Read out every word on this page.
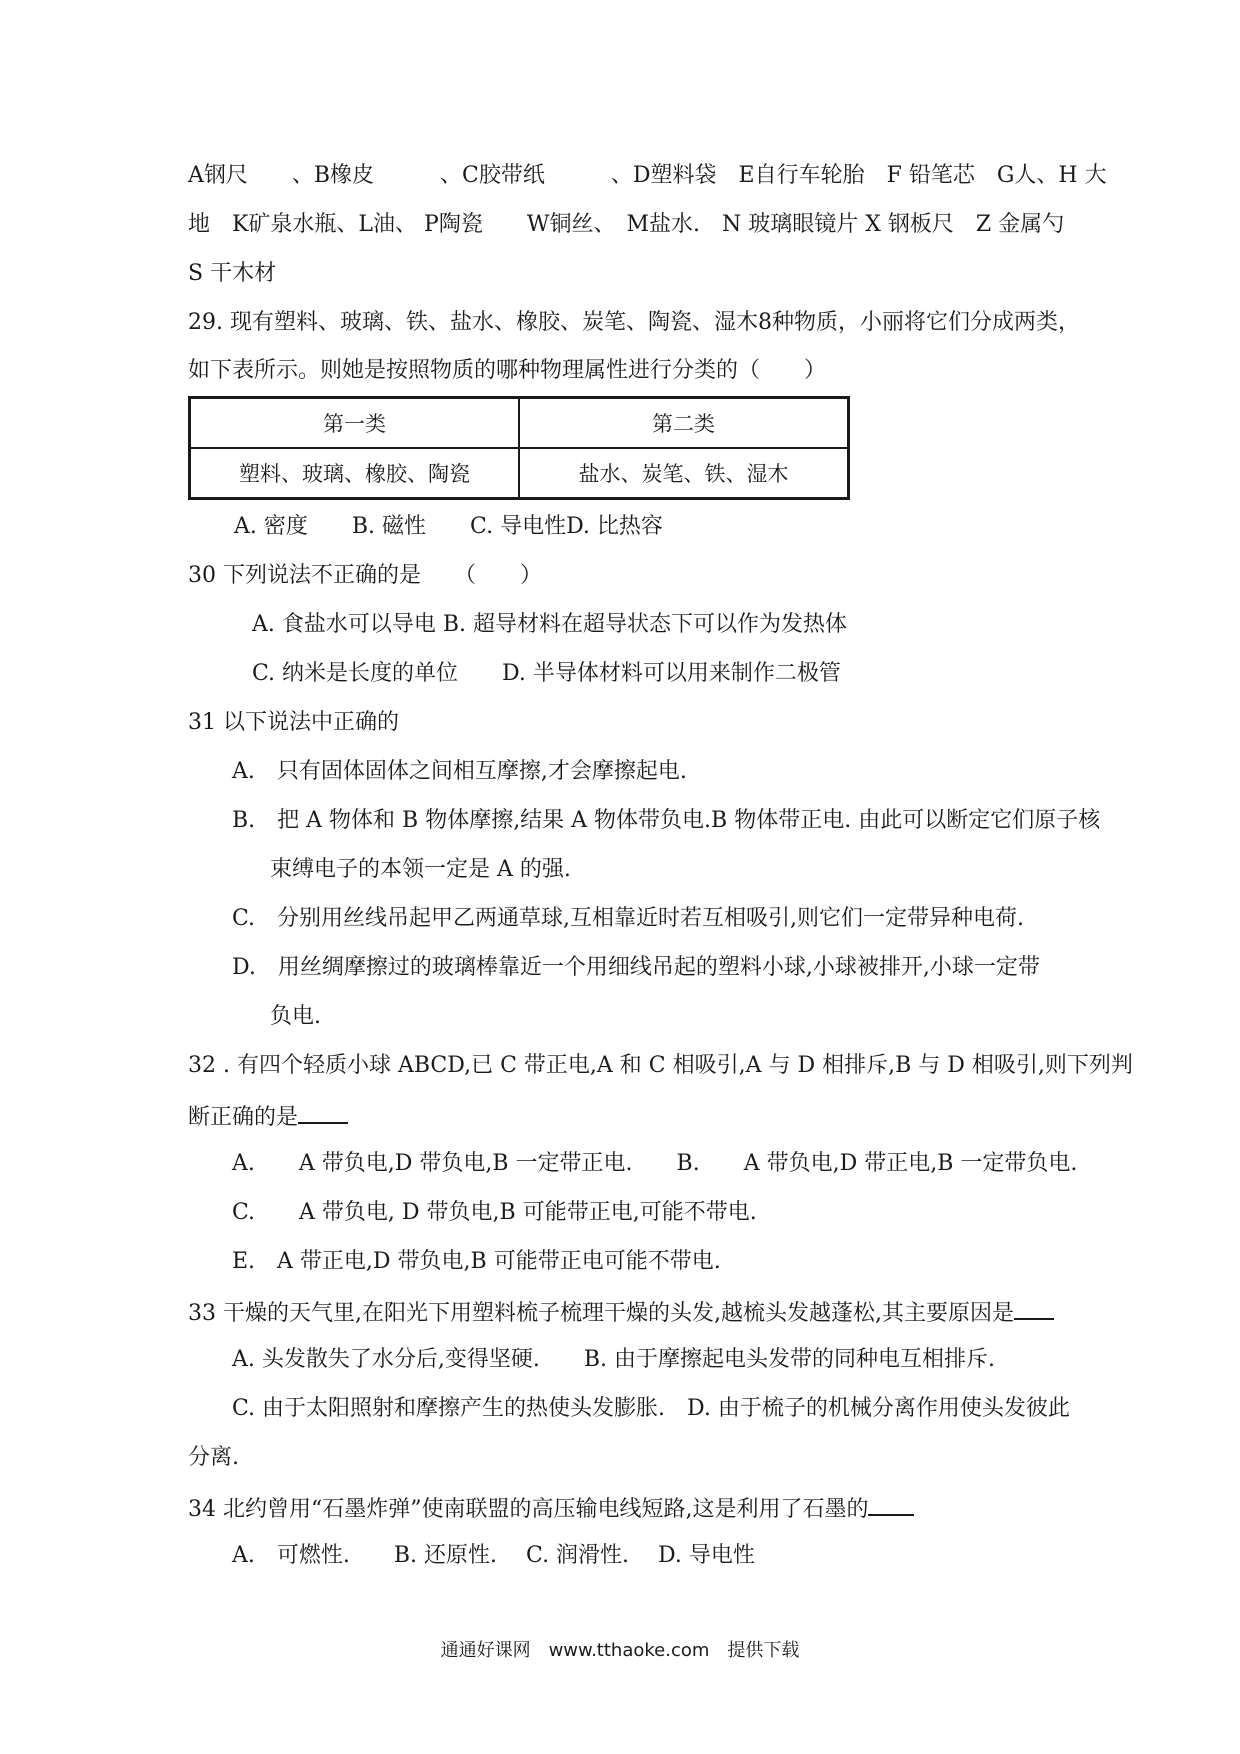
A钢尺　　、B橡皮　　　、C胶带纸　　　、D塑料袋　E自行车轮胎　F 铅笔芯　G人、H 大
地　K矿泉水瓶、L油、 P陶瓷　　W铜丝、　M盐水.　N 玻璃眼镜片 X 钢板尺　Z 金属勺
S 干木材
29. 现有塑料、玻璃、铁、盐水、橡胶、炭笔、陶瓷、湿木8种物质，小丽将它们分成两类，
如下表所示。则她是按照物质的哪种物理属性进行分类的（　　）
第一类	第二类
塑料、玻璃、橡胶、陶瓷	盐水、炭笔、铁、湿木
A. 密度　　B. 磁性　　C. 导电性D. 比热容
30 下列说法不正确的是　　（　　）
A. 食盐水可以导电 B. 超导材料在超导状态下可以作为发热体
C. 纳米是长度的单位　　D. 半导体材料可以用来制作二极管
31 以下说法中正确的
A.　只有固体固体之间相互摩擦,才会摩擦起电.
B.　把 A 物体和 B 物体摩擦,结果 A 物体带负电.B 物体带正电. 由此可以断定它们原子核
束缚电子的本领一定是 A 的强.
C.　分别用丝线吊起甲乙两通草球,互相靠近时若互相吸引,则它们一定带异种电荷.
D.　用丝绸摩擦过的玻璃棒靠近一个用细线吊起的塑料小球,小球被排开,小球一定带
负电.
32 . 有四个轻质小球 ABCD,已 C 带正电,A 和 C 相吸引,A 与 D 相排斥,B 与 D 相吸引,则下列判
断正确的是
A.　　A 带负电,D 带负电,B 一定带正电.　　B.　　A 带负电,D 带正电,B 一定带负电.
C.　　A 带负电, D 带负电,B 可能带正电,可能不带电.
E.　A 带正电,D 带负电,B 可能带正电可能不带电.
33 干燥的天气里,在阳光下用塑料梳子梳理干燥的头发,越梳头发越蓬松,其主要原因是
A. 头发散失了水分后,变得坚硬.　　B. 由于摩擦起电头发带的同种电互相排斥.
C. 由于太阳照射和摩擦产生的热使头发膨胀.　D. 由于梳子的机械分离作用使头发彼此
分离.
34 北约曾用“石墨炸弹”使南联盟的高压输电线短路,这是利用了石墨的
A.　可燃性.　　B. 还原性.　 C. 润滑性.　 D. 导电性
通通好课网　www.tthaoke.com　提供下载
